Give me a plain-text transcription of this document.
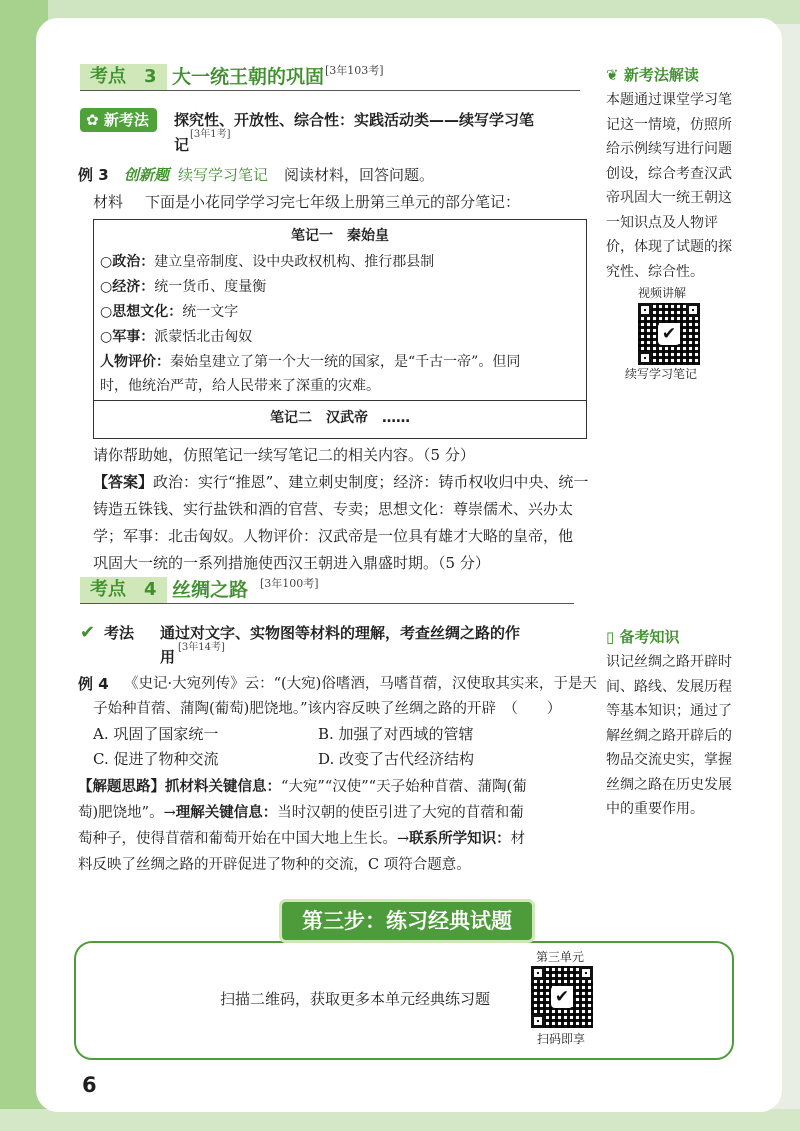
考点　 3 大一统王朝的巩固 [3年103考]
✿ 新考法	探究性、开放性、综合性：实践活动类——续写学习笔
记
[3年1考]
例 3 创新题 续写学习笔记 阅读材料，回答问题。
材料 下面是小花同学学习完七年级上册第三单元的部分笔记：
笔记一　秦始皇
○政治：建立皇帝制度、设中央政权机构、推行郡县制
○经济：统一货币、度量衡
○思想文化：统一文字
○军事：派蒙恬北击匈奴
人物评价：秦始皇建立了第一个大一统的国家，是“千古一帝”。但同
时，他统治严苛，给人民带来了深重的灾难。
笔记二　汉武帝　……
请你帮助她，仿照笔记一续写笔记二的相关内容。（5 分）
【答案】政治：实行“推恩”、建立刺史制度；经济：铸币权收归中央、统一
铸造五铢钱、实行盐铁和酒的官营、专卖；思想文化：尊崇儒术、兴办太
学；军事：北击匈奴。人物评价：汉武帝是一位具有雄才大略的皇帝，他
巩固大一统的一系列措施使西汉王朝进入鼎盛时期。（5 分）
考点　 4 丝绸之路 [3年100考]
✔ 考法 通过对文字、实物图等材料的理解，考查丝绸之路的作
用
[3年14考]
例 4 《史记·大宛列传》云：“(大宛)俗嗜酒，马嗜苜蓿，汉使取其实来，于是天
子始种苜蓿、蒲陶(葡萄)肥饶地。”该内容反映了丝绸之路的开辟　（　　）
A. 巩固了国家统一	B. 加强了对西域的管辖
C. 促进了物种交流	D. 改变了古代经济结构
【解题思路】抓材料关键信息：“大宛”“汉使”“天子始种苜蓿、蒲陶(葡
萄)肥饶地”。→理解关键信息：当时汉朝的使臣引进了大宛的苜蓿和葡
萄种子，使得苜蓿和葡萄开始在中国大地上生长。→联系所学知识：材
料反映了丝绸之路的开辟促进了物种的交流，C 项符合题意。
❦ 新考法解读
本题通过课堂学习笔记这一情境，仿照所给示例续写进行问题创设，综合考查汉武帝巩固大一统王朝这一知识点及人物评价，体现了试题的探究性、综合性。
视频讲解
✔
续写学习笔记
▯ 备考知识
识记丝绸之路开辟时间、路线、发展历程等基本知识；通过了解丝绸之路开辟后的物品交流史实，掌握丝绸之路在历史发展中的重要作用。
第三步：练习经典试题
扫描二维码，获取更多本单元经典练习题
第三单元
✔
扫码即享
6
